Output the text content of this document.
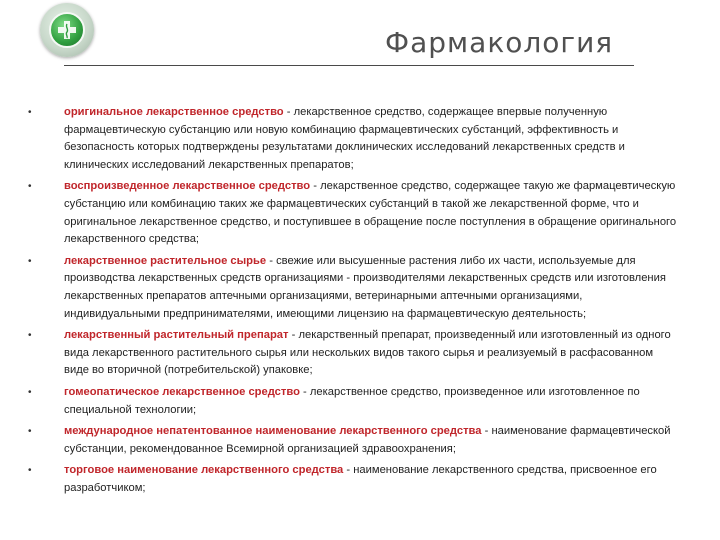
Фармакология
•	оригинальное лекарственное средство - лекарственное средство, содержащее впервые полученную фармацевтическую субстанцию или новую комбинацию фармацевтических субстанций, эффективность и безопасность которых подтверждены результатами доклинических исследований лекарственных средств и клинических исследований лекарственных препаратов;
•	воспроизведенное лекарственное средство - лекарственное средство, содержащее такую же фармацевтическую субстанцию или комбинацию таких же фармацевтических субстанций в такой же лекарственной форме, что и оригинальное лекарственное средство, и поступившее в обращение после поступления в обращение оригинального лекарственного средства;
•	лекарственное растительное сырье - свежие или высушенные растения либо их части, используемые для производства лекарственных средств организациями - производителями лекарственных средств или изготовления лекарственных препаратов аптечными организациями, ветеринарными аптечными организациями, индивидуальными предпринимателями, имеющими лицензию на фармацевтическую деятельность;
•	лекарственный растительный препарат - лекарственный препарат, произведенный или изготовленный из одного вида лекарственного растительного сырья или нескольких видов такого сырья и реализуемый в расфасованном виде во вторичной (потребительской) упаковке;
•	гомеопатическое лекарственное средство - лекарственное средство, произведенное или изготовленное по специальной технологии;
•	международное непатентованное наименование лекарственного средства - наименование фармацевтической субстанции, рекомендованное Всемирной организацией здравоохранения;
•	торговое наименование лекарственного средства - наименование лекарственного средства, присвоенное его разработчиком;
